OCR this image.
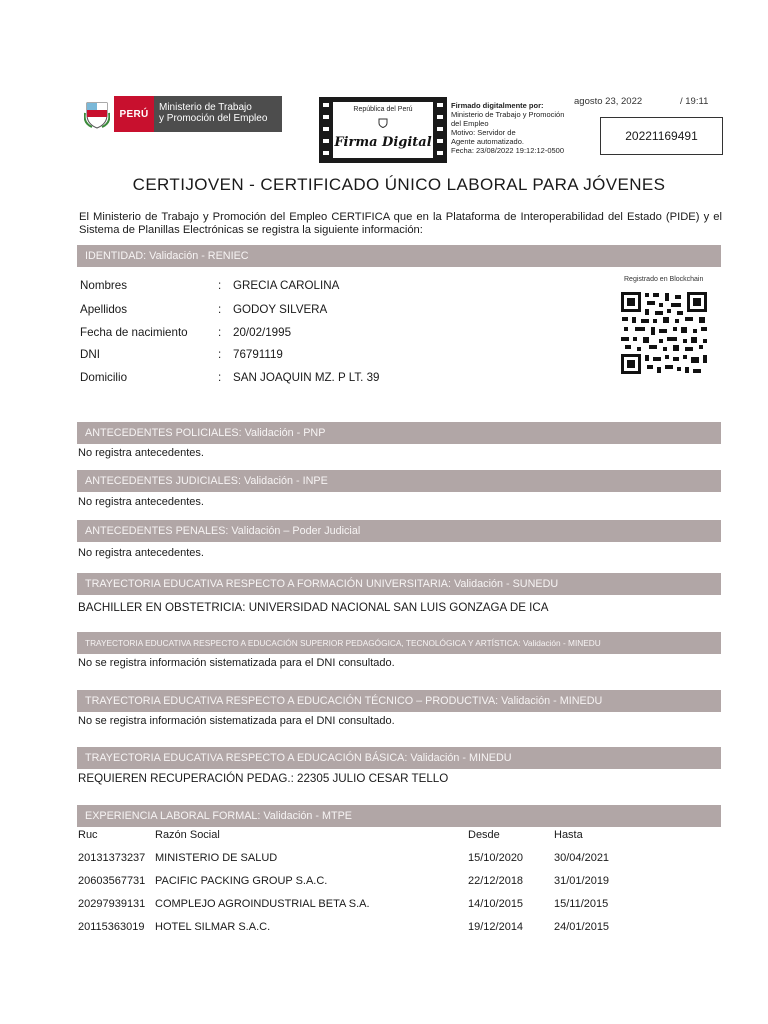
PERÚ
Ministerio de Trabajo
y Promoción del Empleo
República del Perú
Firma Digital
Firmado digitalmente por:
Ministerio de Trabajo y Promoción
del Empleo
Motivo: Servidor de
Agente automatizado.
Fecha: 23/08/2022 19:12:12-0500
agosto 23, 2022	/ 19:11
20221169491
CERTIJOVEN - CERTIFICADO ÚNICO LABORAL PARA JÓVENES
El Ministerio de Trabajo y Promoción del Empleo CERTIFICA que en la Plataforma de Interoperabilidad del Estado (PIDE) y el Sistema de Planillas Electrónicas se registra la siguiente información:
IDENTIDAD: Validación - RENIEC
Nombres	:	GRECIA CAROLINA
Apellidos	:	GODOY SILVERA
Fecha de nacimiento	:	20/02/1995
DNI	:	76791119
Domicilio	:	SAN JOAQUIN MZ. P LT. 39
Registrado en Blockchain
ANTECEDENTES POLICIALES: Validación - PNP
No registra antecedentes.
ANTECEDENTES JUDICIALES: Validación - INPE
No registra antecedentes.
ANTECEDENTES PENALES: Validación – Poder Judicial
No registra antecedentes.
TRAYECTORIA EDUCATIVA RESPECTO A FORMACIÓN UNIVERSITARIA: Validación - SUNEDU
BACHILLER EN OBSTETRICIA: UNIVERSIDAD NACIONAL SAN LUIS GONZAGA DE ICA
TRAYECTORIA EDUCATIVA RESPECTO A EDUCACIÓN SUPERIOR PEDAGÓGICA, TECNOLÓGICA Y ARTÍSTICA: Validación - MINEDU
No se registra información sistematizada para el DNI consultado.
TRAYECTORIA EDUCATIVA RESPECTO A EDUCACIÓN TÉCNICO – PRODUCTIVA: Validación - MINEDU
No se registra información sistematizada para el DNI consultado.
TRAYECTORIA EDUCATIVA RESPECTO A EDUCACIÓN BÁSICA: Validación - MINEDU
REQUIEREN RECUPERACIÓN PEDAG.: 22305 JULIO CESAR TELLO
EXPERIENCIA LABORAL FORMAL: Validación - MTPE
Ruc	Razón Social	Desde	Hasta
20131373237 MINISTERIO DE SALUD	15/10/2020	30/04/2021
20603567731 PACIFIC PACKING GROUP S.A.C.	22/12/2018	31/01/2019
20297939131 COMPLEJO AGROINDUSTRIAL BETA S.A.	14/10/2015	15/11/2015
20115363019 HOTEL SILMAR S.A.C.	19/12/2014	24/01/2015
